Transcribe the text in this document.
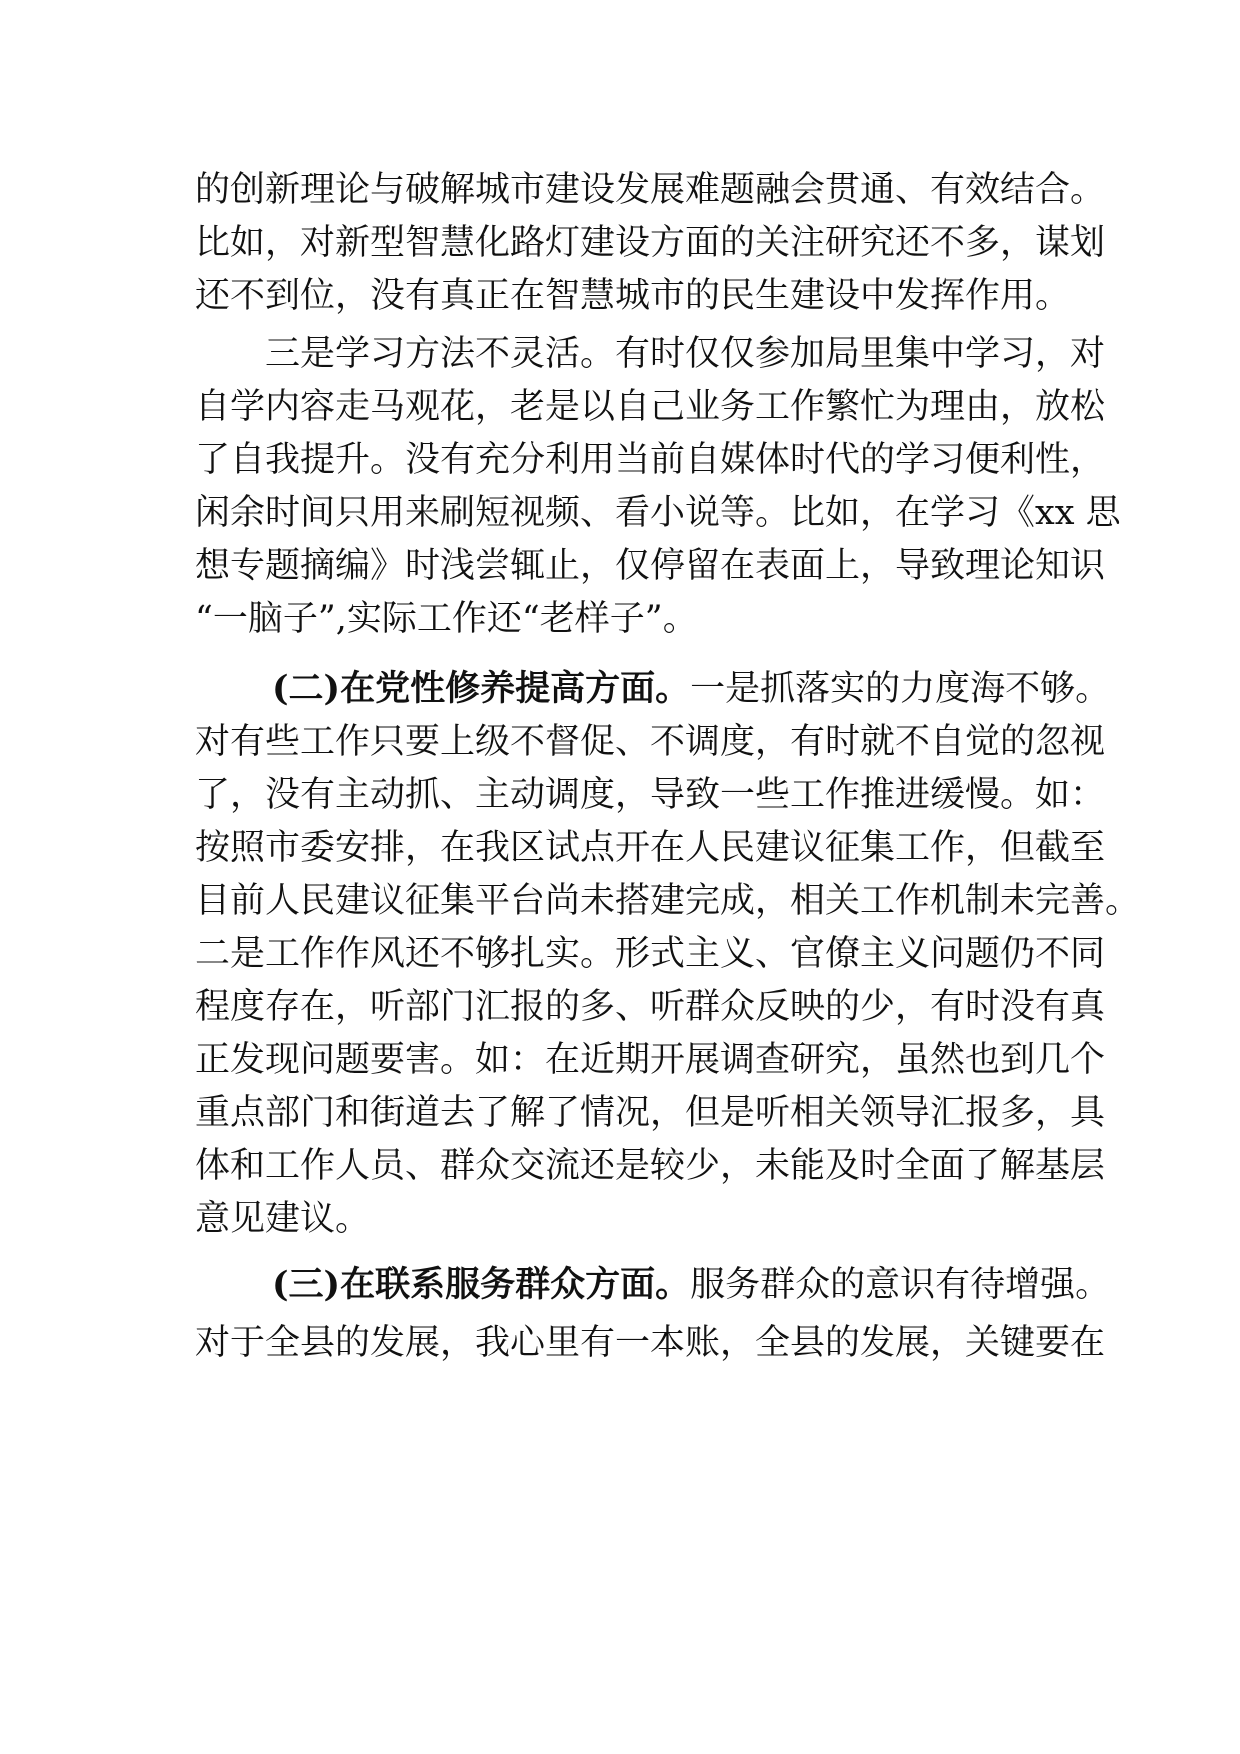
的创新理论与破解城市建设发展难题融会贯通、有效结合。
比如，对新型智慧化路灯建设方面的关注研究还不多，谋划
还不到位，没有真正在智慧城市的民生建设中发挥作用。
三是学习方法不灵活。有时仅仅参加局里集中学习，对
自学内容走马观花，老是以自己业务工作繁忙为理由，放松
了自我提升。没有充分利用当前自媒体时代的学习便利性，
闲余时间只用来刷短视频、看小说等。比如，在学习《xx 思
想专题摘编》时浅尝辄止，仅停留在表面上，导致理论知识
“一脑子”,实际工作还“老样子”。
(二)在党性修养提高方面。一是抓落实的力度海不够。
对有些工作只要上级不督促、不调度，有时就不自觉的忽视
了，没有主动抓、主动调度，导致一些工作推进缓慢。如：
按照市委安排，在我区试点开在人民建议征集工作，但截至
目前人民建议征集平台尚未搭建完成，相关工作机制未完善。
二是工作作风还不够扎实。形式主义、官僚主义问题仍不同
程度存在，听部门汇报的多、听群众反映的少，有时没有真
正发现问题要害。如：在近期开展调查研究，虽然也到几个
重点部门和街道去了解了情况，但是听相关领导汇报多，具
体和工作人员、群众交流还是较少，未能及时全面了解基层
意见建议。
(三)在联系服务群众方面。服务群众的意识有待增强。
对于全县的发展，我心里有一本账，全县的发展，关键要在
